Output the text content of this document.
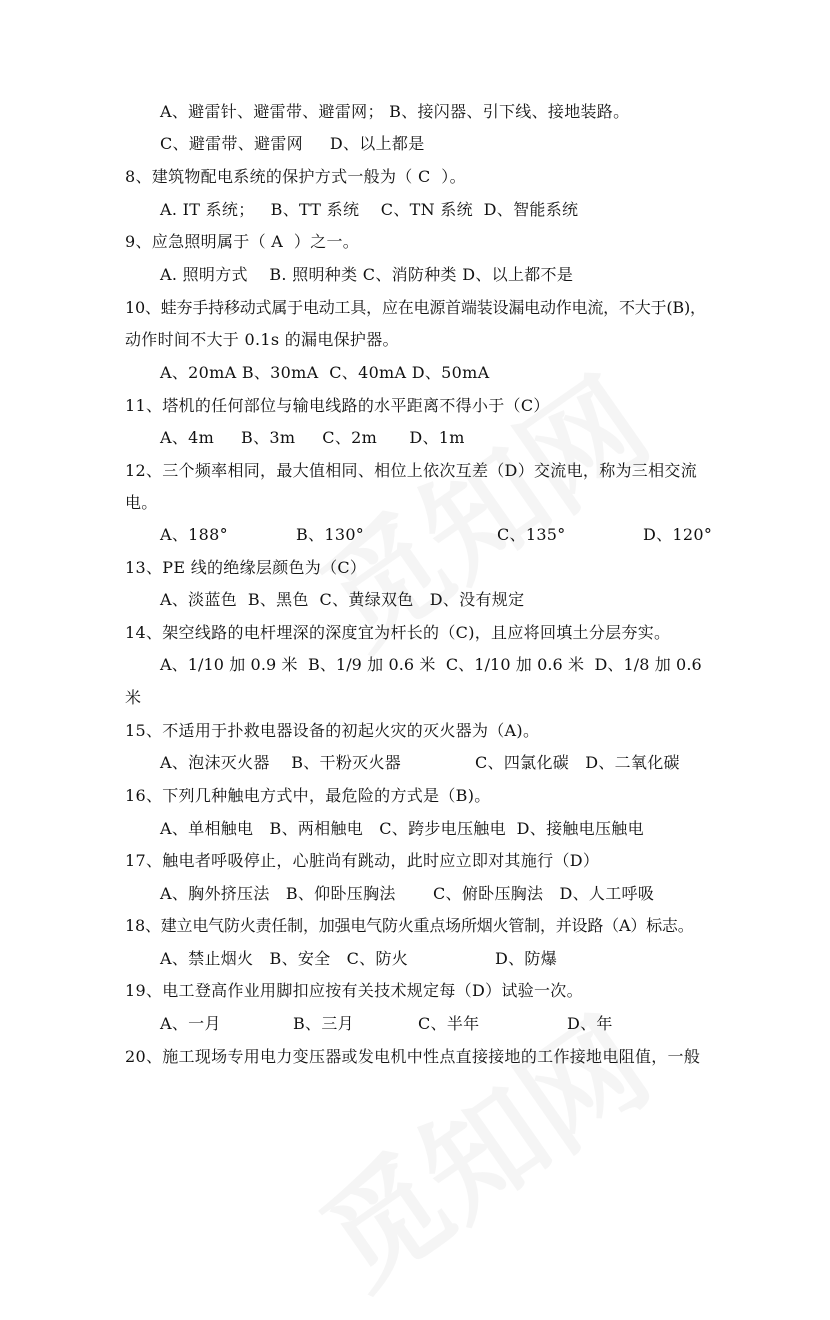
A、避雷针、避雷带、避雷网； B、接闪器、引下线、接地装路。
C、避雷带、避雷网     D、以上都是
8、建筑物配电系统的保护方式一般为（ C  ）。
A. IT 系统；   B、TT 系统    C、TN 系统  D、智能系统
9、应急照明属于（ A  ）之一。
A. 照明方式    B. 照明种类 C、消防种类 D、以上都不是
10、蛙夯手持移动式属于电动工具，应在电源首端装设漏电动作电流，不大于(B)，
动作时间不大于 0.1s 的漏电保护器。
A、20mA B、30mA  C、40mA D、50mA
11、塔机的任何部位与输电线路的水平距离不得小于（C）
A、4m     B、3m     C、2m      D、1m
12、三个频率相同，最大值相同、相位上依次互差（D）交流电，称为三相交流
电。
A、188°	B、130°	C、135°	D、120°
13、PE 线的绝缘层颜色为（C）
A、淡蓝色  B、黑色  C、黄绿双色   D、没有规定
14、架空线路的电杆埋深的深度宜为杆长的（C)，且应将回填土分层夯实。
A、1/10 加 0.9 米  B、1/9 加 0.6 米  C、1/10 加 0.6 米  D、1/8 加 0.6
米
15、不适用于扑救电器设备的初起火灾的灭火器为（A)。
A、泡沫灭火器    B、干粉灭火器	C、四氯化碳   D、二氧化碳
16、下列几种触电方式中，最危险的方式是（B)。
A、单相触电   B、两相触电   C、跨步电压触电  D、接触电压触电
17、触电者呼吸停止，心脏尚有跳动，此时应立即对其施行（D）
A、胸外挤压法   B、仰卧压胸法 C、俯卧压胸法   D、人工呼吸
18、建立电气防火责任制，加强电气防火重点场所烟火管制，并设路（A）标志。
A、禁止烟火   B、安全   C、防火	D、防爆
19、电工登高作业用脚扣应按有关技术规定每（D）试验一次。
A、一月	B、三月	C、半年	D、年
20、施工现场专用电力变压器或发电机中性点直接接地的工作接地电阻值，一般
